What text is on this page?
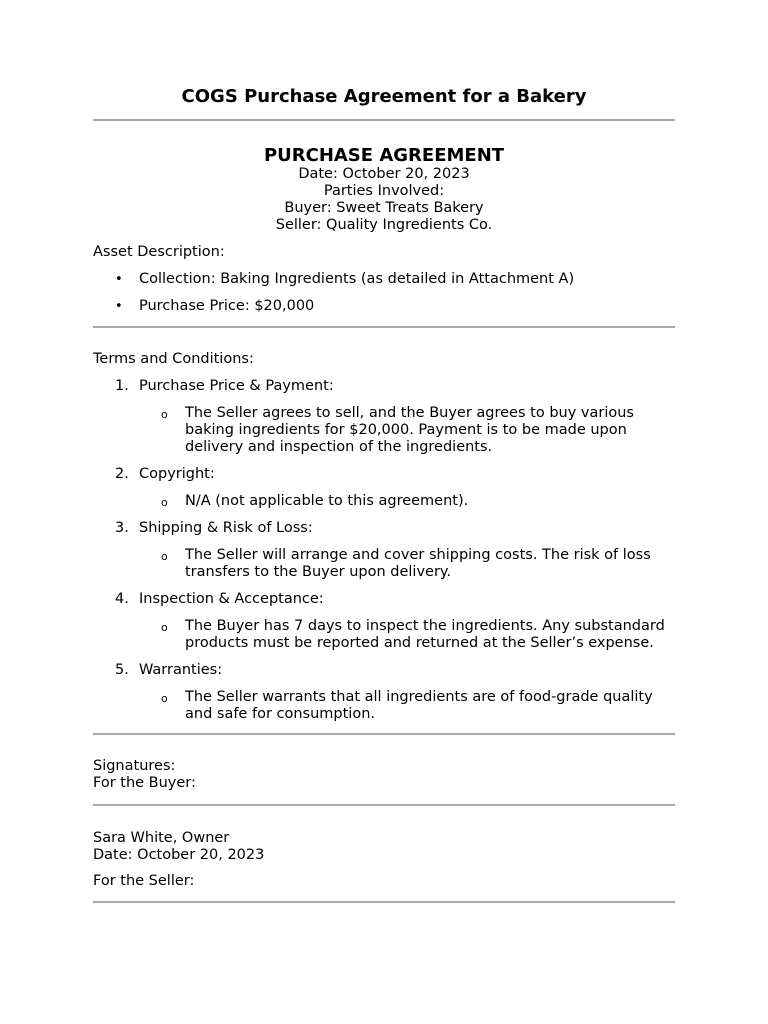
COGS Purchase Agreement for a Bakery
PURCHASE AGREEMENT
Date: October 20, 2023
Parties Involved:
Buyer: Sweet Treats Bakery
Seller: Quality Ingredients Co.
Asset Description:
• Collection: Baking Ingredients (as detailed in Attachment A)
• Purchase Price: $20,000
Terms and Conditions:
1. Purchase Price & Payment:
o The Seller agrees to sell, and the Buyer agrees to buy various baking ingredients for $20,000. Payment is to be made upon delivery and inspection of the ingredients.
2. Copyright:
o N/A (not applicable to this agreement).
3. Shipping & Risk of Loss:
o The Seller will arrange and cover shipping costs. The risk of loss transfers to the Buyer upon delivery.
4. Inspection & Acceptance:
o The Buyer has 7 days to inspect the ingredients. Any substandard products must be reported and returned at the Seller’s expense.
5. Warranties:
o The Seller warrants that all ingredients are of food-grade quality and safe for consumption.
Signatures:
For the Buyer:
Sara White, Owner
Date: October 20, 2023
For the Seller:
